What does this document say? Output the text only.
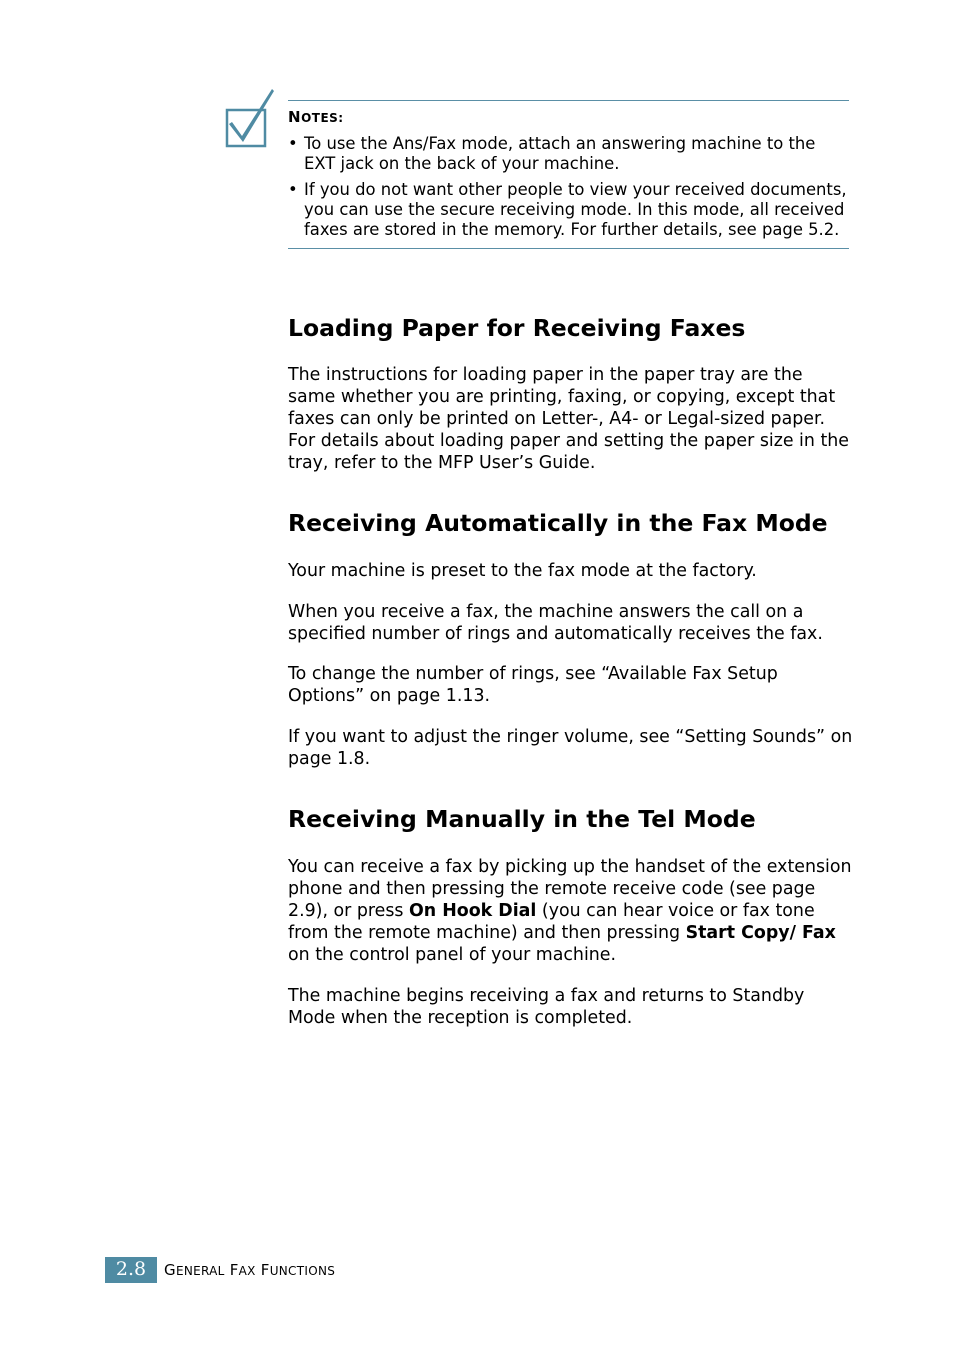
NOTES:
• To use the Ans/Fax mode, attach an answering machine to the EXT jack on the back of your machine.
• If you do not want other people to view your received documents, you can use the secure receiving mode. In this mode, all received faxes are stored in the memory. For further details, see page 5.2.
Loading Paper for Receiving Faxes

The instructions for loading paper in the paper tray are the same whether you are printing, faxing, or copying, except that faxes can only be printed on Letter-, A4- or Legal-sized paper. For details about loading paper and setting the paper size in the tray, refer to the MFP User’s Guide.

Receiving Automatically in the Fax Mode

Your machine is preset to the fax mode at the factory.

When you receive a fax, the machine answers the call on a specified number of rings and automatically receives the fax.

To change the number of rings, see “Available Fax Setup Options” on page 1.13.

If you want to adjust the ringer volume, see “Setting Sounds” on page 1.8.

Receiving Manually in the Tel Mode

You can receive a fax by picking up the handset of the extension phone and then pressing the remote receive code (see page 2.9), or press On Hook Dial (you can hear voice or fax tone from the remote machine) and then pressing Start Copy/ Fax on the control panel of your machine.

The machine begins receiving a fax and returns to Standby Mode when the reception is completed.

2.8	GENERAL FAX FUNCTIONS
